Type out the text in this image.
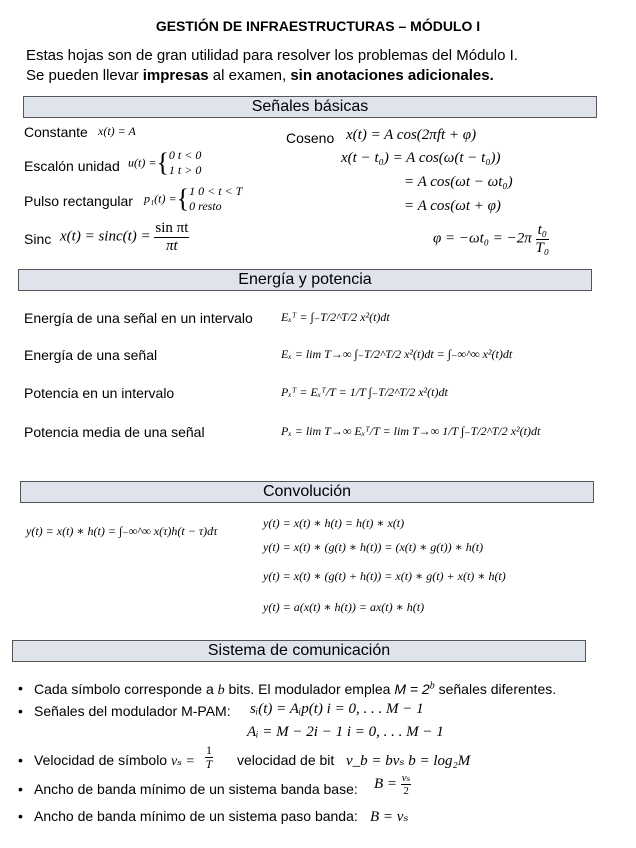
GESTIÓN DE INFRAESTRUCTURAS – MÓDULO I
Estas hojas son de gran utilidad para resolver los problemas del Módulo I.
Se pueden llevar impresas al examen, sin anotaciones adicionales.
Señales básicas
Constante x(t) = A
Escalón unidad u(t) ={0 t < 0
1 t > 0
Pulso rectangular p₁(t) ={1 0 < t < T
0 resto
Sinc $x(t) = \sin c(t) = \frac{\text{sin πt}}{\pi t}$
Coseno x(t) = A cos(2πft + φ)
x(t − t₀) = A cos(ω(t − t₀))
= A cos(ωt − ωt₀)
= A cos(ωt + φ)
$\varphi = -\omega t_0 = -2\pi \frac{\text{t₀}}{\text{T₀}}$
Energía y potencia
Energía de una señal en un intervalo
Energía de una señal
Potencia en un intervalo
Potencia media de una señal
Eₓᵀ = ∫₋T/2^T/2 x²(t)dt
Eₓ = lim T→∞ ∫₋T/2^T/2 x²(t)dt = ∫₋∞^∞ x²(t)dt
Pₓᵀ = Eₓᵀ/T = 1/T ∫₋T/2^T/2 x²(t)dt
Pₓ = lim T→∞ Eₓᵀ/T = lim T→∞ 1/T ∫₋T/2^T/2 x²(t)dt
Convolución
y(t) = x(t) ∗ h(t) = ∫₋∞^∞ x(τ)h(t − τ)dτ
y(t) = x(t) ∗ h(t) = h(t) ∗ x(t)
y(t) = x(t) ∗ (g(t) ∗ h(t)) = (x(t) ∗ g(t)) ∗ h(t)
y(t) = x(t) ∗ (g(t) + h(t)) = x(t) ∗ g(t) + x(t) ∗ h(t)
y(t) = a(x(t) ∗ h(t)) = ax(t) ∗ h(t)
Sistema de comunicación
• Cada símbolo corresponde a b bits. El modulador emplea $M = 2^b$ señales diferentes.
• Señales del modulador M-PAM: sᵢ(t) = Aᵢp(t) i = 0, . . . M − 1
Aᵢ = M − 2i − 1 i = 0, . . . M − 1
• Velocidad de símbolo $v_s = \frac{1}{T}$ velocidad de bit v_b = bvₛ b = log₂M
• Ancho de banda mínimo de un sistema banda base: $B = \frac{\text{vₛ}}{2}$
• Ancho de banda mínimo de un sistema paso banda: B = vₛ
